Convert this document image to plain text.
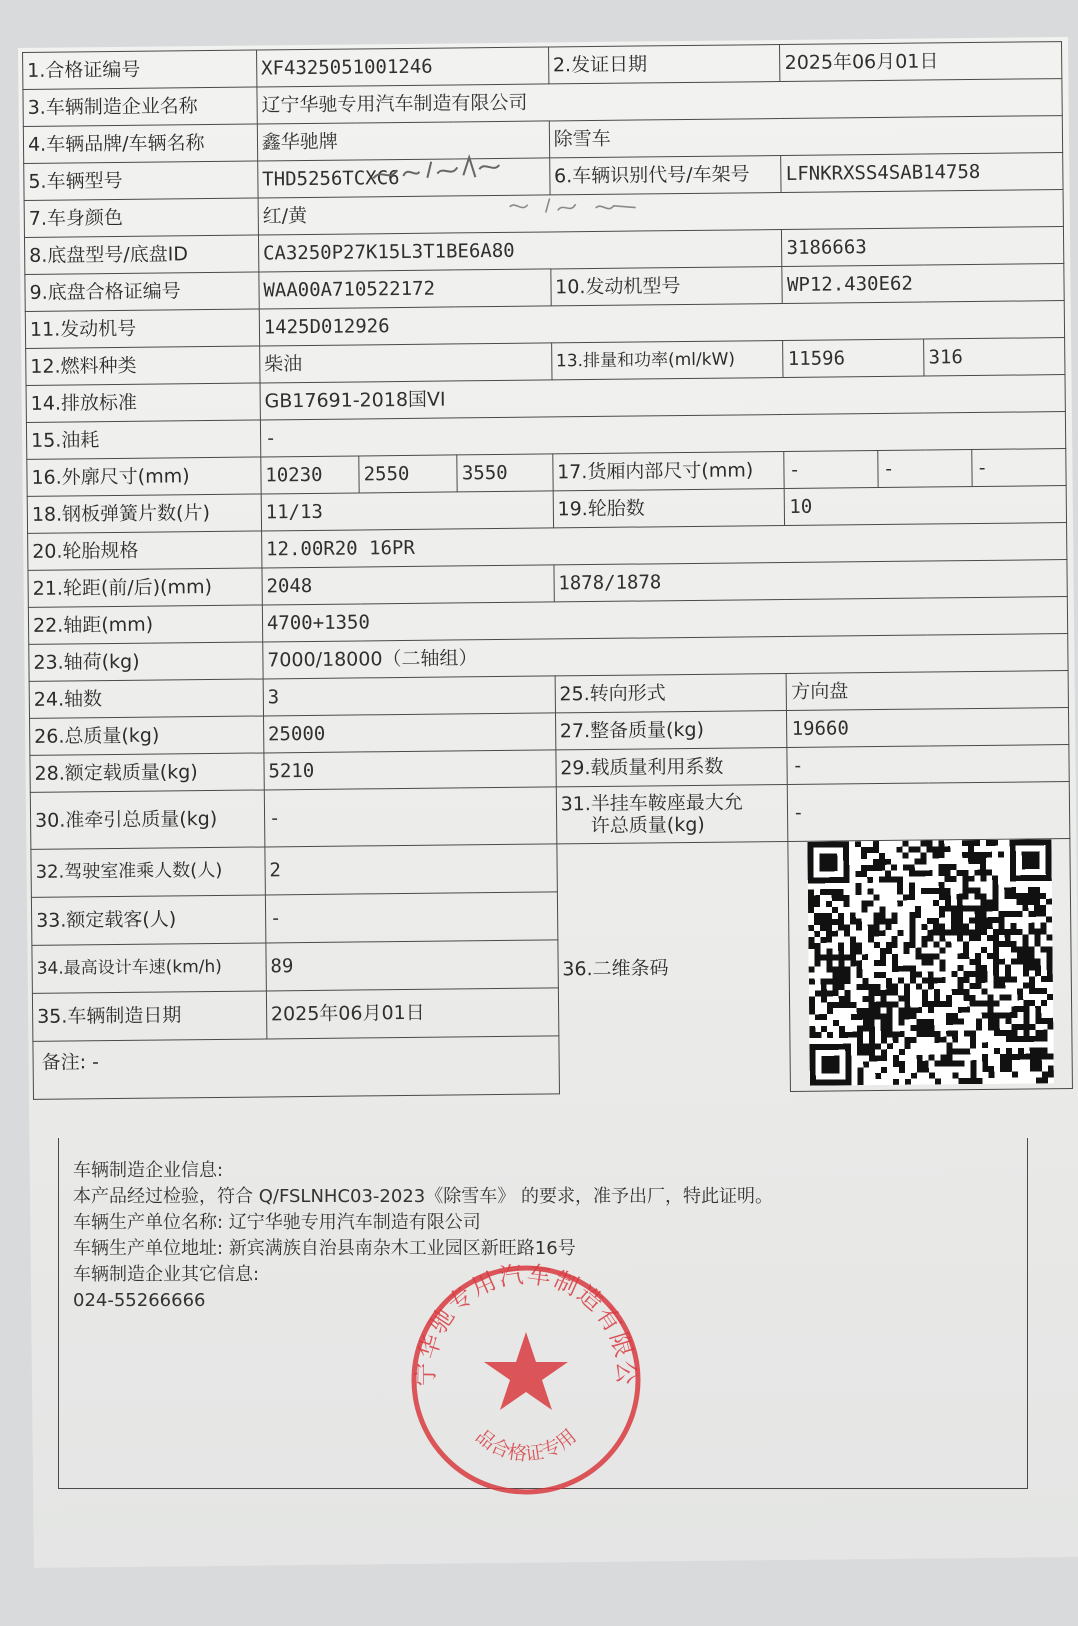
1.合格证编号	XF4325051001246	2.发证日期	2025年06月01日
3.车辆制造企业名称	辽宁华驰专用汽车制造有限公司
4.车辆品牌/车辆名称	鑫华驰牌	除雪车
5.车辆型号	THD5256TCXC6	6.车辆识别代号/车架号	LFNKRXSS4SAB14758
7.车身颜色	红/黄
8.底盘型号/底盘ID	CA3250P27K15L3T1BE6A80	3186663
9.底盘合格证编号	WAA00A710522172	10.发动机型号	WP12.430E62
11.发动机号	1425D012926
12.燃料种类	柴油	13.排量和功率(ml/kW)	11596	316
14.排放标准	GB17691-2018国VI
15.油耗	-
16.外廓尺寸(mm)	10230	2550	3550	17.货厢内部尺寸(mm)	-	-	-

18.钢板弹簧片数(片)	11/13	19.轮胎数	10
20.轮胎规格	12.00R20 16PR
21.轮距(前/后)(mm)	2048	1878/1878
22.轴距(mm)	4700+1350
23.轴荷(kg)	7000/18000（二轴组）
24.轴数	3	25.转向形式	方向盘
26.总质量(kg)	25000	27.整备质量(kg)	19660
28.额定载质量(kg)	5210	29.载质量利用系数	-
30.准牵引总质量(kg)	-	
31.半挂车鞍座最大允
许总质量(kg)
	-
32.驾驶室准乘人数(人)	2	36.二维条码	
33.额定载客(人)	-
34.最高设计车速(km/h)	89
35.车辆制造日期	2025年06月01日
备注: -

车辆制造企业信息:

本产品经过检验，符合 Q/FSLNHC03-2023《除雪车》 的要求，准予出厂，特此证明。

车辆生产单位名称: 辽宁华驰专用汽车制造有限公司

车辆生产单位地址: 新宾满族自治县南杂木工业园区新旺路16号

车辆制造企业其它信息:

024-55266666

宁华驰专用汽车制造有限公
品合格证专用
